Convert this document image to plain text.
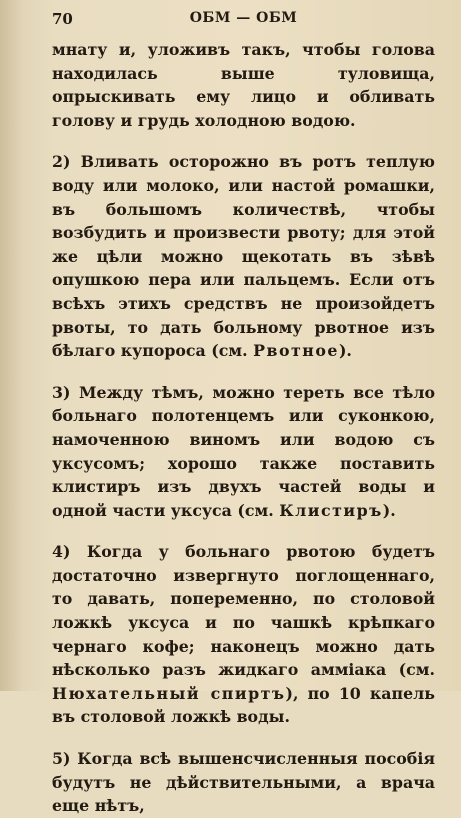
70	ОБМ — ОБМ

мнату и, уложивъ такъ, чтобы голова находилась выше туловища, опрыскивать ему лицо и обливать голову и грудь холодною водою.

2) Вливать осторожно въ ротъ теплую воду или молоко, или настой ромашки, въ большомъ количествѣ, чтобы возбудить и произвести рвоту; для этой же цѣли можно щекотать въ зѣвѣ опушкою пера или пальцемъ. Если отъ всѣхъ этихъ средствъ не произойдетъ рвоты, то дать больному рвотное изъ бѣлаго купороса (см. Рвотное).

3) Между тѣмъ, можно тереть все тѣло больнаго полотенцемъ или суконкою, намоченною виномъ или водою съ уксусомъ; хорошо также поставить клистиръ изъ двухъ частей воды и одной части уксуса (см. Клистиръ).

4) Когда у больнаго рвотою будетъ достаточно извергнуто поглощеннаго, то давать, попеременно, по столовой ложкѣ уксуса и по чашкѣ крѣпкаго чернаго кофе; наконецъ можно дать нѣсколько разъ жидкаго амміака (см. Нюхательный спиртъ), по 10 капель въ столовой ложкѣ воды.

5) Когда всѣ вышенсчисленныя пособія будутъ не дѣйствительными, а врача еще нѣтъ,
